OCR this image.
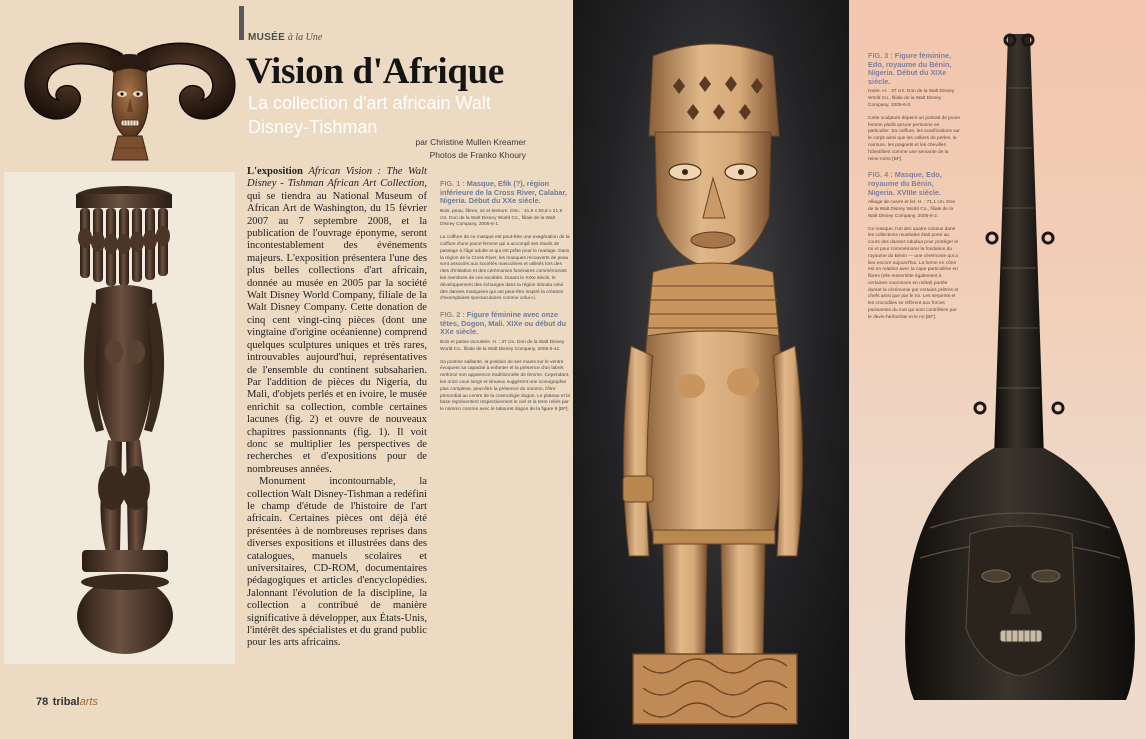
MUSÉE à la Une
Vision d'Afrique
La collection d'art africain Walt Disney-Tishman
par Christine Mullen Kreamer
Photos de Franko Khoury

L'exposition African Vision : The Walt Disney - Tishman African Art Collection, qui se tiendra au National Museum of African Art de Washington, du 15 février 2007 au 7 septembre 2008, et la publication de l'ouvrage éponyme, seront incontestablement des événements majeurs. L'exposition présentera l'une des plus belles collections d'art africain, donnée au musée en 2005 par la société Walt Disney World Company, filiale de la Walt Disney Company. Cette donation de cinq cent vingt-cinq pièces (dont une vingtaine d'origine océanienne) comprend quelques sculptures uniques et très rares, introuvables aujourd'hui, représentatives de l'ensemble du continent subsaharien. Par l'addition de pièces du Nigeria, du Mali, d'objets perlés et en ivoire, le musée enrichit sa collection, comble certaines lacunes (fig. 2) et ouvre de nouveaux chapitres passionnants (fig. 1). Il voit donc se multiplier les perspectives de recherches et d'expositions pour de nombreuses années.

Monument incontournable, la collection Walt Disney-Tishman a redéfini le champ d'étude de l'histoire de l'art africain. Certaines pièces ont déjà été présentées à de nombreuses reprises dans diverses expositions et illustrées dans des catalogues, manuels scolaires et universitaires, CD-ROM, documentaires pédagogiques et articles d'encyclopédies. Jalonnant l'évolution de la discipline, la collection a contribué de manière significative à développer, aux États-Unis, l'intérêt des spécialistes et du grand public pour les arts africains.

FIG. 1 : Masque, Efik (?), région inférieure de la Cross River, Calabar, Nigeria. Début du XXe siècle.
Bois, peau, fibres, os et teinture. Dim. : 41,9 x 83,8 x 21,9 cm. Don de la Walt Disney World Co., filiale de la Walt Disney Company, 2005-6-1.
La coiffure de ce masque est peut-être une exagération de la coiffure d'une jeune femme qui a accompli ses rituels de passage à l'âge adulte et qui est prête pour le mariage. Dans la région de la Cross River, les masques recouverts de peau sont associés aux sociétés masculines et utilisés lors des rites d'initiation et des cérémonies funéraires commémorant les membres de ces sociétés. Durant le XIXe siècle, le développement des échanges dans la région stimula celui des danses masquées qui ont peut-être inspiré la création d'exemplaires spectaculaires comme celui-ci.
FIG. 2 : Figure féminine avec onze têtes, Dogon, Mali. XIXe ou début du XXe siècle.
Bois et patine incrustée. H. : 37 cm. Don de la Walt Disney World Co., filiale de la Walt Disney Company, 2005-6-41.
Sa poitrine saillante, la position de ses mains sur le ventre évoquent sa capacité à enfanter et la présence d'un labret renforce son apparence traditionnelle de femme. Cependant, les onze cous longs et sinueux suggèrent une iconographie plus complexe, peut-être la présence du nommo, l'être primordial au centre de la cosmologie dogon. Le plateau et la base représentent respectivement le ciel et la terre reliés par le nommo comme avec le tabouret dogon de la figure 9 [BF].
78 tribalarts
FIG. 3 : Figure féminine, Edo, royaume du Bénin, Nigeria. Début du XIXe siècle.
Ivoire. H. : 37 cm. Don de la Walt Disney World Co., filiale de la Walt Disney Company, 2005-6-3.
Cette sculpture dépeint un portrait de jeune femme plutôt qu'une personne en particulier. Sa coiffure, les scarifications sur le corps ainsi que les colliers de perles, la ceinture, les poignets et les chevilles l'identifient comme une servante de la reine mère [BF].
FIG. 4 : Masque, Edo, royaume du Bénin, Nigeria. XVIIIe siècle.
Alliage de cuivre et fer. H. : 71,1 cm. Don de la Walt Disney World Co., filiale de la Walt Disney Company, 2005-6-2.
Ce masque, l'un des quatre connus dans les collections muséales était porté au cours des danses odudua pour protéger le roi et pour commémorer la fondation du royaume du Bénin — une cérémonie qui a lieu encore aujourd'hui. La forme en cône est en relation avec la cape particulière en fibres (elle ressemble également à certaines couronnes en métal) portée durant la cérémonie par certains prêtres et chefs ainsi que par le roi. Les serpents et les crocodiles se réfèrent aux forces puissantes du mal qui sont contrôlées par le devin-herboriste et le roi [BF].
